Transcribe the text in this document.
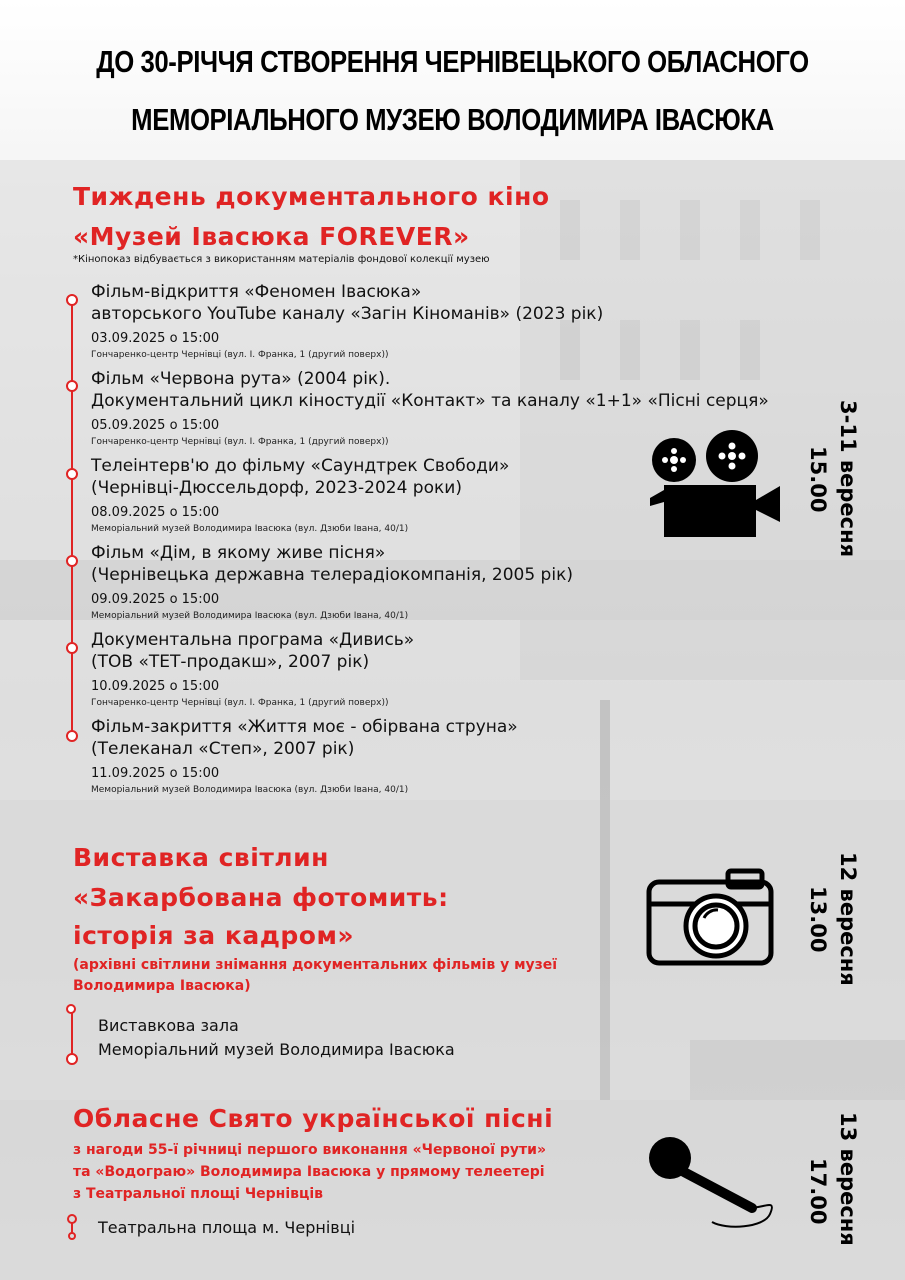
ДО 30-РІЧЧЯ СТВОРЕННЯ ЧЕРНІВЕЦЬКОГО ОБЛАСНОГО
МЕМОРІАЛЬНОГО МУЗЕЮ ВОЛОДИМИРА ІВАСЮКА
Тиждень документального кіно
«Музей Івасюка FOREVER»
*Кінопоказ відбувається з використанням матеріалів фондової колекції музею
Фільм-відкриття «Феномен Івасюка»
авторського YouTube каналу «Загін Кіноманів» (2023 рік)
03.09.2025 о 15:00
Гончаренко-центр Чернівці (вул. І. Франка, 1 (другий поверх))
Фільм «Червона рута» (2004 рік).
Документальний цикл кіностудії «Контакт» та каналу «1+1» «Пісні серця»
05.09.2025 о 15:00
Гончаренко-центр Чернівці (вул. І. Франка, 1 (другий поверх))
Телеінтерв'ю до фільму «Саундтрек Свободи»
(Чернівці-Дюссельдорф, 2023-2024 роки)
08.09.2025 о 15:00
Меморіальний музей Володимира Івасюка (вул. Дзюби Івана, 40/1)
Фільм «Дім, в якому живе пісня»
(Чернівецька державна телерадіокомпанія, 2005 рік)
09.09.2025 о 15:00
Меморіальний музей Володимира Івасюка (вул. Дзюби Івана, 40/1)
Документальна програма «Дивись»
(ТОВ «ТЕТ-продакш», 2007 рік)
10.09.2025 о 15:00
Гончаренко-центр Чернівці (вул. І. Франка, 1 (другий поверх))
Фільм-закриття «Життя моє - обірвана струна»
(Телеканал «Степ», 2007 рік)
11.09.2025 о 15:00
Меморіальний музей Володимира Івасюка (вул. Дзюби Івана, 40/1)
3-11 вересня
15.00
Виставка світлин
«Закарбована фотомить:
історія за кадром»
(архівні світлини знімання документальних фільмів у музеї
Володимира Івасюка)
Виставкова зала
Меморіальний музей Володимира Івасюка
12 вересня
13.00
Обласне Свято української пісні
з нагоди 55-ї річниці першого виконання «Червоної рути»
та «Водограю» Володимира Івасюка у прямому телеетері
з Театральної площі Чернівців
Театральна площа м. Чернівці	13 вересня
17.00
